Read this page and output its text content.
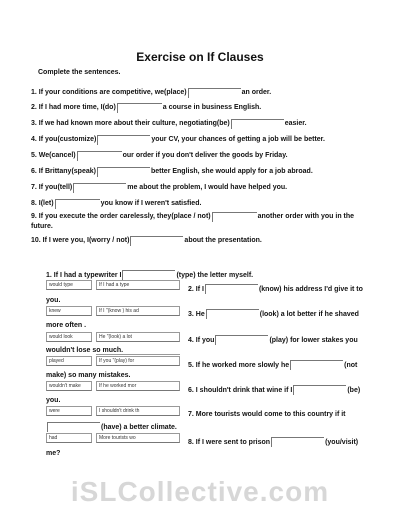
Exercise on If Clauses
Complete the sentences.
1. If your conditions are competitive, we(place)	an order.
2. If I had more time, I(do)	a course in business English.
3. If we had known more about their culture, negotiating(be)	easier.
4. If you(customize)	your CV, your chances of getting a job will be better.
5. We(cancel)	our order if you don't deliver the goods by Friday.
6. If Brittany(speak)	better English, she would apply for a job abroad.
7. If you(tell)	me about the problem, I would have helped you.
8. I(let)	you know if I weren't satisfied.
9. If you execute the order carelessly, they(place / not)	another order with you in the future.
10. If I were you, I(worry / not)	about the presentation.
1. If I had a typewriter I	(type) the letter myself.
would type	If I had a type
2. If I	(know) his address I'd give it to
you.
knew	If I "(know ) his ad	3. He	(look) a lot better if he shaved
more often .
would look	He "(look) a lot	4. If you	(play) for lower stakes you
wouldn't lose so much.
played	If you "(play) for
5. If he worked more slowly he	(not
make) so many mistakes.
wouldn't make	If he worked mor
6. I shouldn't drink that wine if I	(be)
you.
were	I shouldn't drink th	7. More tourists would come to this country if it
(have) a better climate.
had	More tourists wo
8. If I were sent to prison	(you/visit)
me?
iSLCollective.com
